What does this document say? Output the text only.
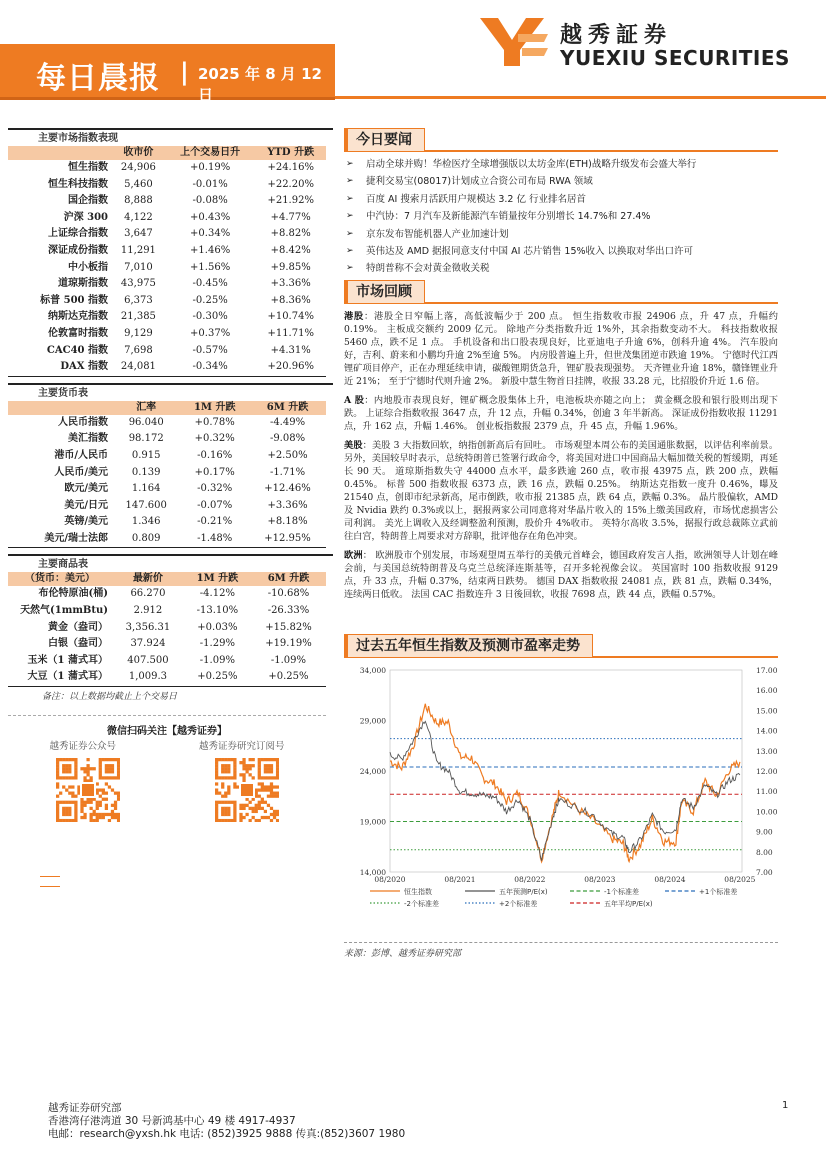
每日晨报 | 2025 年 8 月 12 日
越秀証券
YUEXIU SECURITIES
主要市场指数表现
	收市价	上个交易日升	YTD 升跌
恒生指数	24,906	+0.19%	+24.16%
恒生科技指数	5,460	-0.01%	+22.20%
国企指数	8,888	-0.08%	+21.92%
沪深 300	4,122	+0.43%	+4.77%
上证综合指数	3,647	+0.34%	+8.82%
深证成份指数	11,291	+1.46%	+8.42%
中小板指	7,010	+1.56%	+9.85%
道琼斯指数	43,975	-0.45%	+3.36%
标普 500 指数	6,373	-0.25%	+8.36%
纳斯达克指数	21,385	-0.30%	+10.74%
伦敦富时指数	9,129	+0.37%	+11.71%
CAC40 指数	7,698	-0.57%	+4.31%
DAX 指数	24,081	-0.34%	+20.96%
主要货币表
	汇率	1M 升跌	6M 升跌
人民币指数	96.040	+0.78%	-4.49%
美汇指数	98.172	+0.32%	-9.08%
港币/人民币	0.915	-0.16%	+2.50%
人民币/美元	0.139	+0.17%	-1.71%
欧元/美元	1.164	-0.32%	+12.46%
美元/日元	147.600	-0.07%	+3.36%
英镑/美元	1.346	-0.21%	+8.18%
美元/瑞士法郎	0.809	-1.48%	+12.95%
主要商品表
（货币：美元）	最新价	1M 升跌	6M 升跌
布伦特原油(桶)	66.270	-4.12%	-10.68%
天然气(1mmBtu)	2.912	-13.10%	-26.33%
黄金（盎司）	3,356.31	+0.03%	+15.82%
白银（盎司）	37.924	-1.29%	+19.19%
玉米（1 蒲式耳）	407.500	-1.09%	-1.09%
大豆（1 蒲式耳）	1,009.3	+0.25%	+0.25%
备注：以上数据均截止上个交易日
微信扫码关注【越秀证券】
越秀证券公众号	越秀证券研究订阅号
今日要闻
➢ 启动全球并购！华检医疗全球增强版以太坊金库(ETH)战略升级发布会盛大举行
➢ 捷利交易宝(08017)计划成立合资公司布局 RWA 领域
➢ 百度 AI 搜索月活跃用户规模达 3.2 亿 行业排名居首
➢ 中汽协：7 月汽车及新能源汽车销量按年分别增长 14.7%和 27.4%
➢ 京东发布智能机器人产业加速计划
➢ 英伟达及 AMD 据报同意支付中国 AI 芯片销售 15%收入 以换取对华出口许可
➢ 特朗普称不会对黄金徵收关税
市场回顾
港股：港股全日窄幅上落，高低波幅少于 200 点。 恒生指数收市报 24906 点，升 47 点，升幅约 0.19%。 主板成交额约 2009 亿元。 除地产分类指数升近 1%外，其余指数变动不大。 科技指数收报 5460 点，跌不足 1 点。 手机设备和出口股表现良好，比亚迪电子升逾 6%，创科升逾 4%。 汽车股向好，吉利、蔚来和小鹏均升逾 2%至逾 5%。 内房股普遍上升，但世茂集团逆市跌逾 19%。 宁德时代江西锂矿项目停产，正在办理延续申请，碳酸锂期货急升，锂矿股表现强势。 天齐锂业升逾 18%，赣锋锂业升近 21%； 至于宁德时代则升逾 2%。 新股中慧生物首日挂牌，收报 33.28 元，比招股价升近 1.6 倍。
A 股：内地股市表现良好，锂矿概念股集体上升，电池板块亦随之向上； 黄金概念股和银行股则出现下跌。 上证综合指数收报 3647 点，升 12 点，升幅 0.34%，创逾 3 年半新高。 深证成份指数收报 11291 点，升 162 点，升幅 1.46%。 创业板指数报 2379 点，升 45 点，升幅 1.96%。
美股：美股 3 大指数回软，纳指创新高后有回吐。 市场观望本周公布的美国通胀数据，以评估利率前景。 另外，美国较早时表示，总统特朗普已签署行政命令，将美国对进口中国商品大幅加徵关税的暂缓期，再延长 90 天。 道琼斯指数失守 44000 点水平，最多跌逾 260 点，收市报 43975 点，跌 200 点，跌幅 0.45%。 标普 500 指数收报 6373 点，跌 16 点，跌幅 0.25%。 纳斯达克指数一度升 0.46%，曝及 21540 点，创即市纪录新高，尾市倒跌，收市报 21385 点，跌 64 点，跌幅 0.3%。 晶片股偏软，AMD 及 Nvidia 跌约 0.3%或以上，据报两家公司同意将对华晶片收入的 15%上缴美国政府，市场忧虑损害公司利润。 美光上调收入及经调整盈利预测，股价升 4%收市。 英特尔高收 3.5%，据报行政总裁陈立武前往白宫，特朗普上周要求对方辞职，批评他存在角色冲突。
欧洲： 欧洲股市个别发展，市场观望周五举行的美俄元首峰会，德国政府发言人指，欧洲领导人计划在峰会前，与美国总统特朗普及乌克兰总统泽连斯基等，召开多轮视像会议。 英国富时 100 指数收报 9129 点，升 33 点，升幅 0.37%，结束两日跌势。 德国 DAX 指数收报 24081 点，跌 81 点，跌幅 0.34%，连续两日低收。 法国 CAC 指数连升 3 日後回软，收报 7698 点，跌 44 点，跌幅 0.57%。
过去五年恒生指数及预测市盈率走势
14,000
19,000
24,000
29,000
34,000
7.00
8.00
9.00
10.00
11.00
12.00
13.00
14.00
15.00
16.00
17.00
08/2020	08/2021	08/2022	08/2023	08/2024	08/2025
恒生指数	五年预测P/E(x)	-1个标准差	+1个标准差
-2个标准差	+2个标准差	五年平均P/E(x)
来源：彭博、越秀证券研究部
越秀证券研究部
香港湾仔港湾道 30 号新鸿基中心 49 楼 4917-4937
电邮：research@yxsh.hk 电话: (852)3925 9888 传真:(852)3607 1980
1
